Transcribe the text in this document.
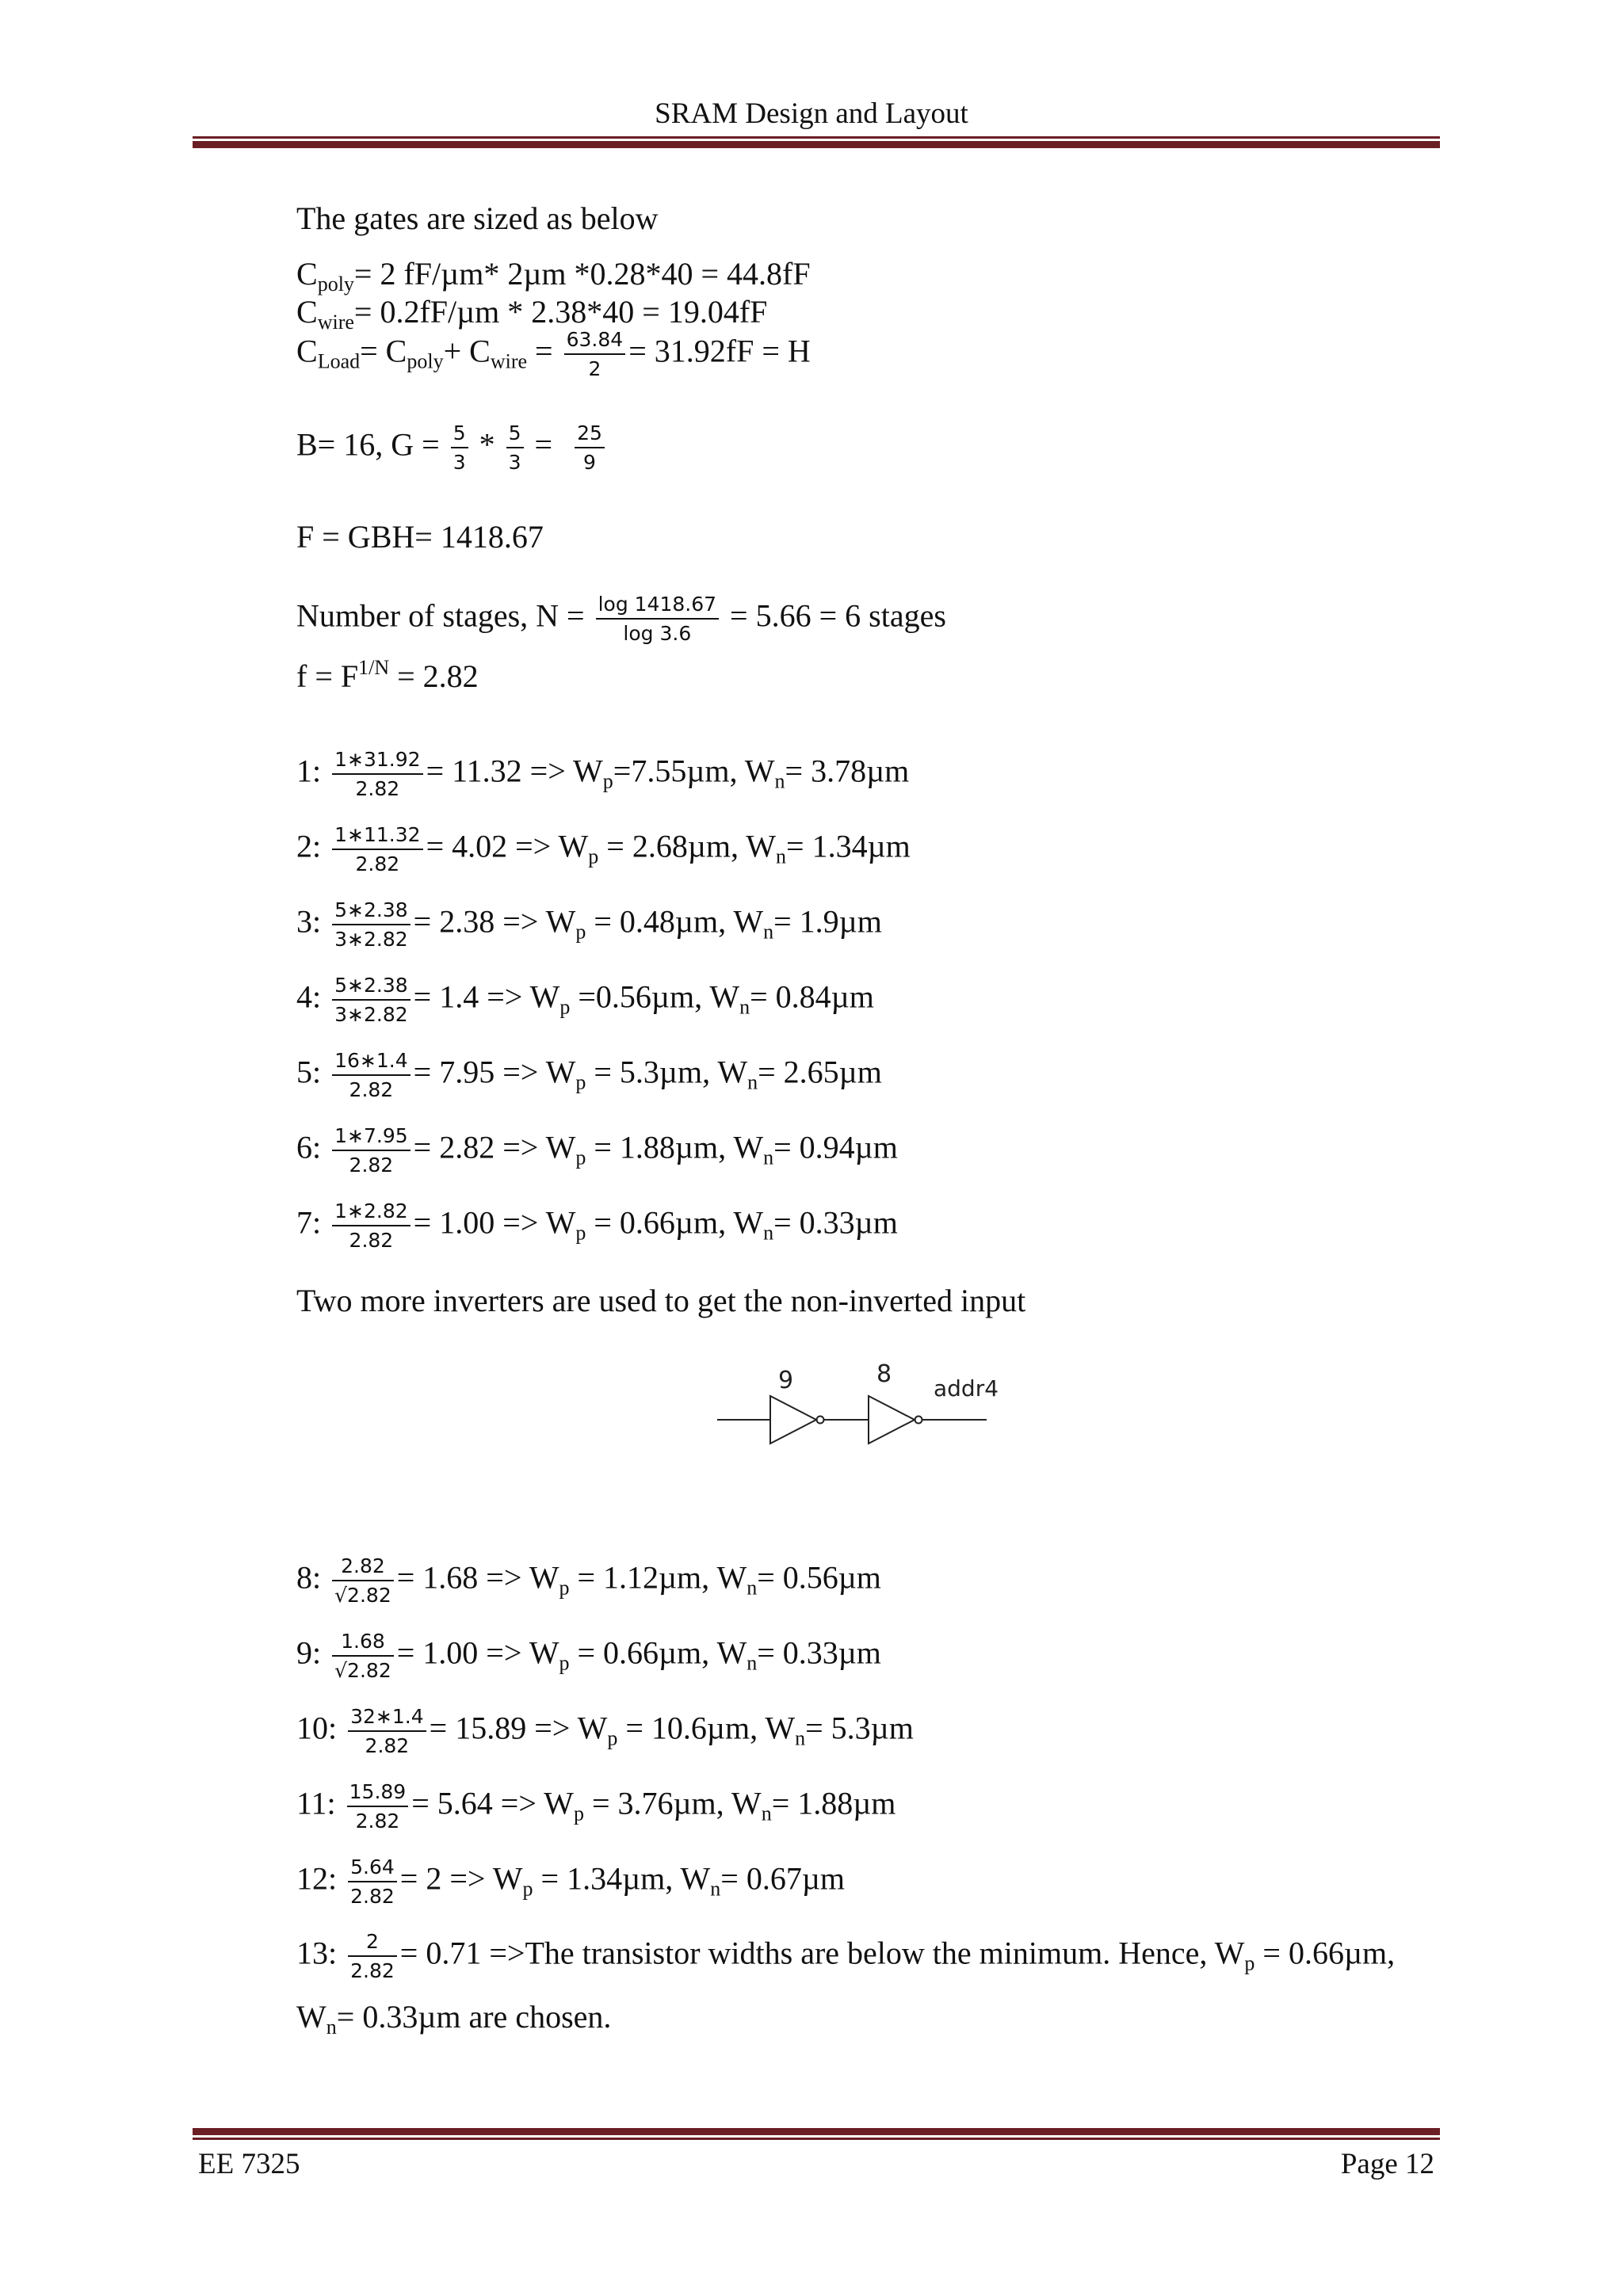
SRAM Design and Layout
The gates are sized as below
$C_{poly}= 2$ fF/µm* 2µm *0.28*40 = 44.8fF
$C_{wire}= 0.2fF/\mu m * 2.38*40 = 19.04fF$
$C_{Load}= C_{poly}+ C_{wire} = \frac{63.84}{2} = 31.92fF = H$
B= 16, $G = \frac{5}{3} * \frac{5}{3} = \frac{25}{9}$
F = GBH= 1418.67
Number of stages, $N = \frac{\log 1418.67}{\log 3.6} = 5.66 = 6$ stages
$f = F^{1/N} = 2.82$
1: $\frac{1∗31.92}{2.82} = 11.32 => W_p=7.55\mu m$, $W_n= 3.78\mu m$
2: $\frac{1∗11.32}{2.82} = 4.02 => W_p = 2.68\mu m$, $W_n= 1.34\mu m$
3: $\frac{5∗2.38}{3∗2.82} = 2.38 => W_p = 0.48\mu m$, $W_n= 1.9\mu m$
4: $\frac{5∗2.38}{3∗2.82} = 1.4 => W_p =0.56\mu m$, $W_n= 0.84\mu m$
5: $\frac{16∗1.4}{2.82} = 7.95 => W_p = 5.3\mu m$, $W_n= 2.65\mu m$
6: $\frac{1∗7.95}{2.82} = 2.82 => W_p = 1.88\mu m$, $W_n= 0.94\mu m$
7: $\frac{1∗2.82}{2.82} = 1.00 => W_p = 0.66\mu m$, $W_n= 0.33\mu m$
Two more inverters are used to get the non-inverted input
8: $\frac{2.82}{√2.82} = 1.68 => W_p = 1.12\mu m$, $W_n= 0.56\mu m$
9: $\frac{1.68}{√2.82} = 1.00 => W_p = 0.66\mu m$, $W_n= 0.33\mu m$
10: $\frac{32∗1.4}{2.82} = 15.89 => W_p = 10.6\mu m$, $W_n= 5.3\mu m$
11: $\frac{15.89}{2.82} = 5.64 => W_p = 3.76\mu m$, $W_n= 1.88\mu m$
12: $\frac{5.64}{2.82} = 2 => W_p = 1.34\mu m$, $W_n= 0.67\mu m$
13: $\frac{2}{2.82} = 0.71 =>The$ transistor widths are below the minimum. Hence, $W_p = 0.66\mu m$,
$W_n= 0.33\mu m$ are chosen.
9	8
addr4
EE 7325	Page 12
